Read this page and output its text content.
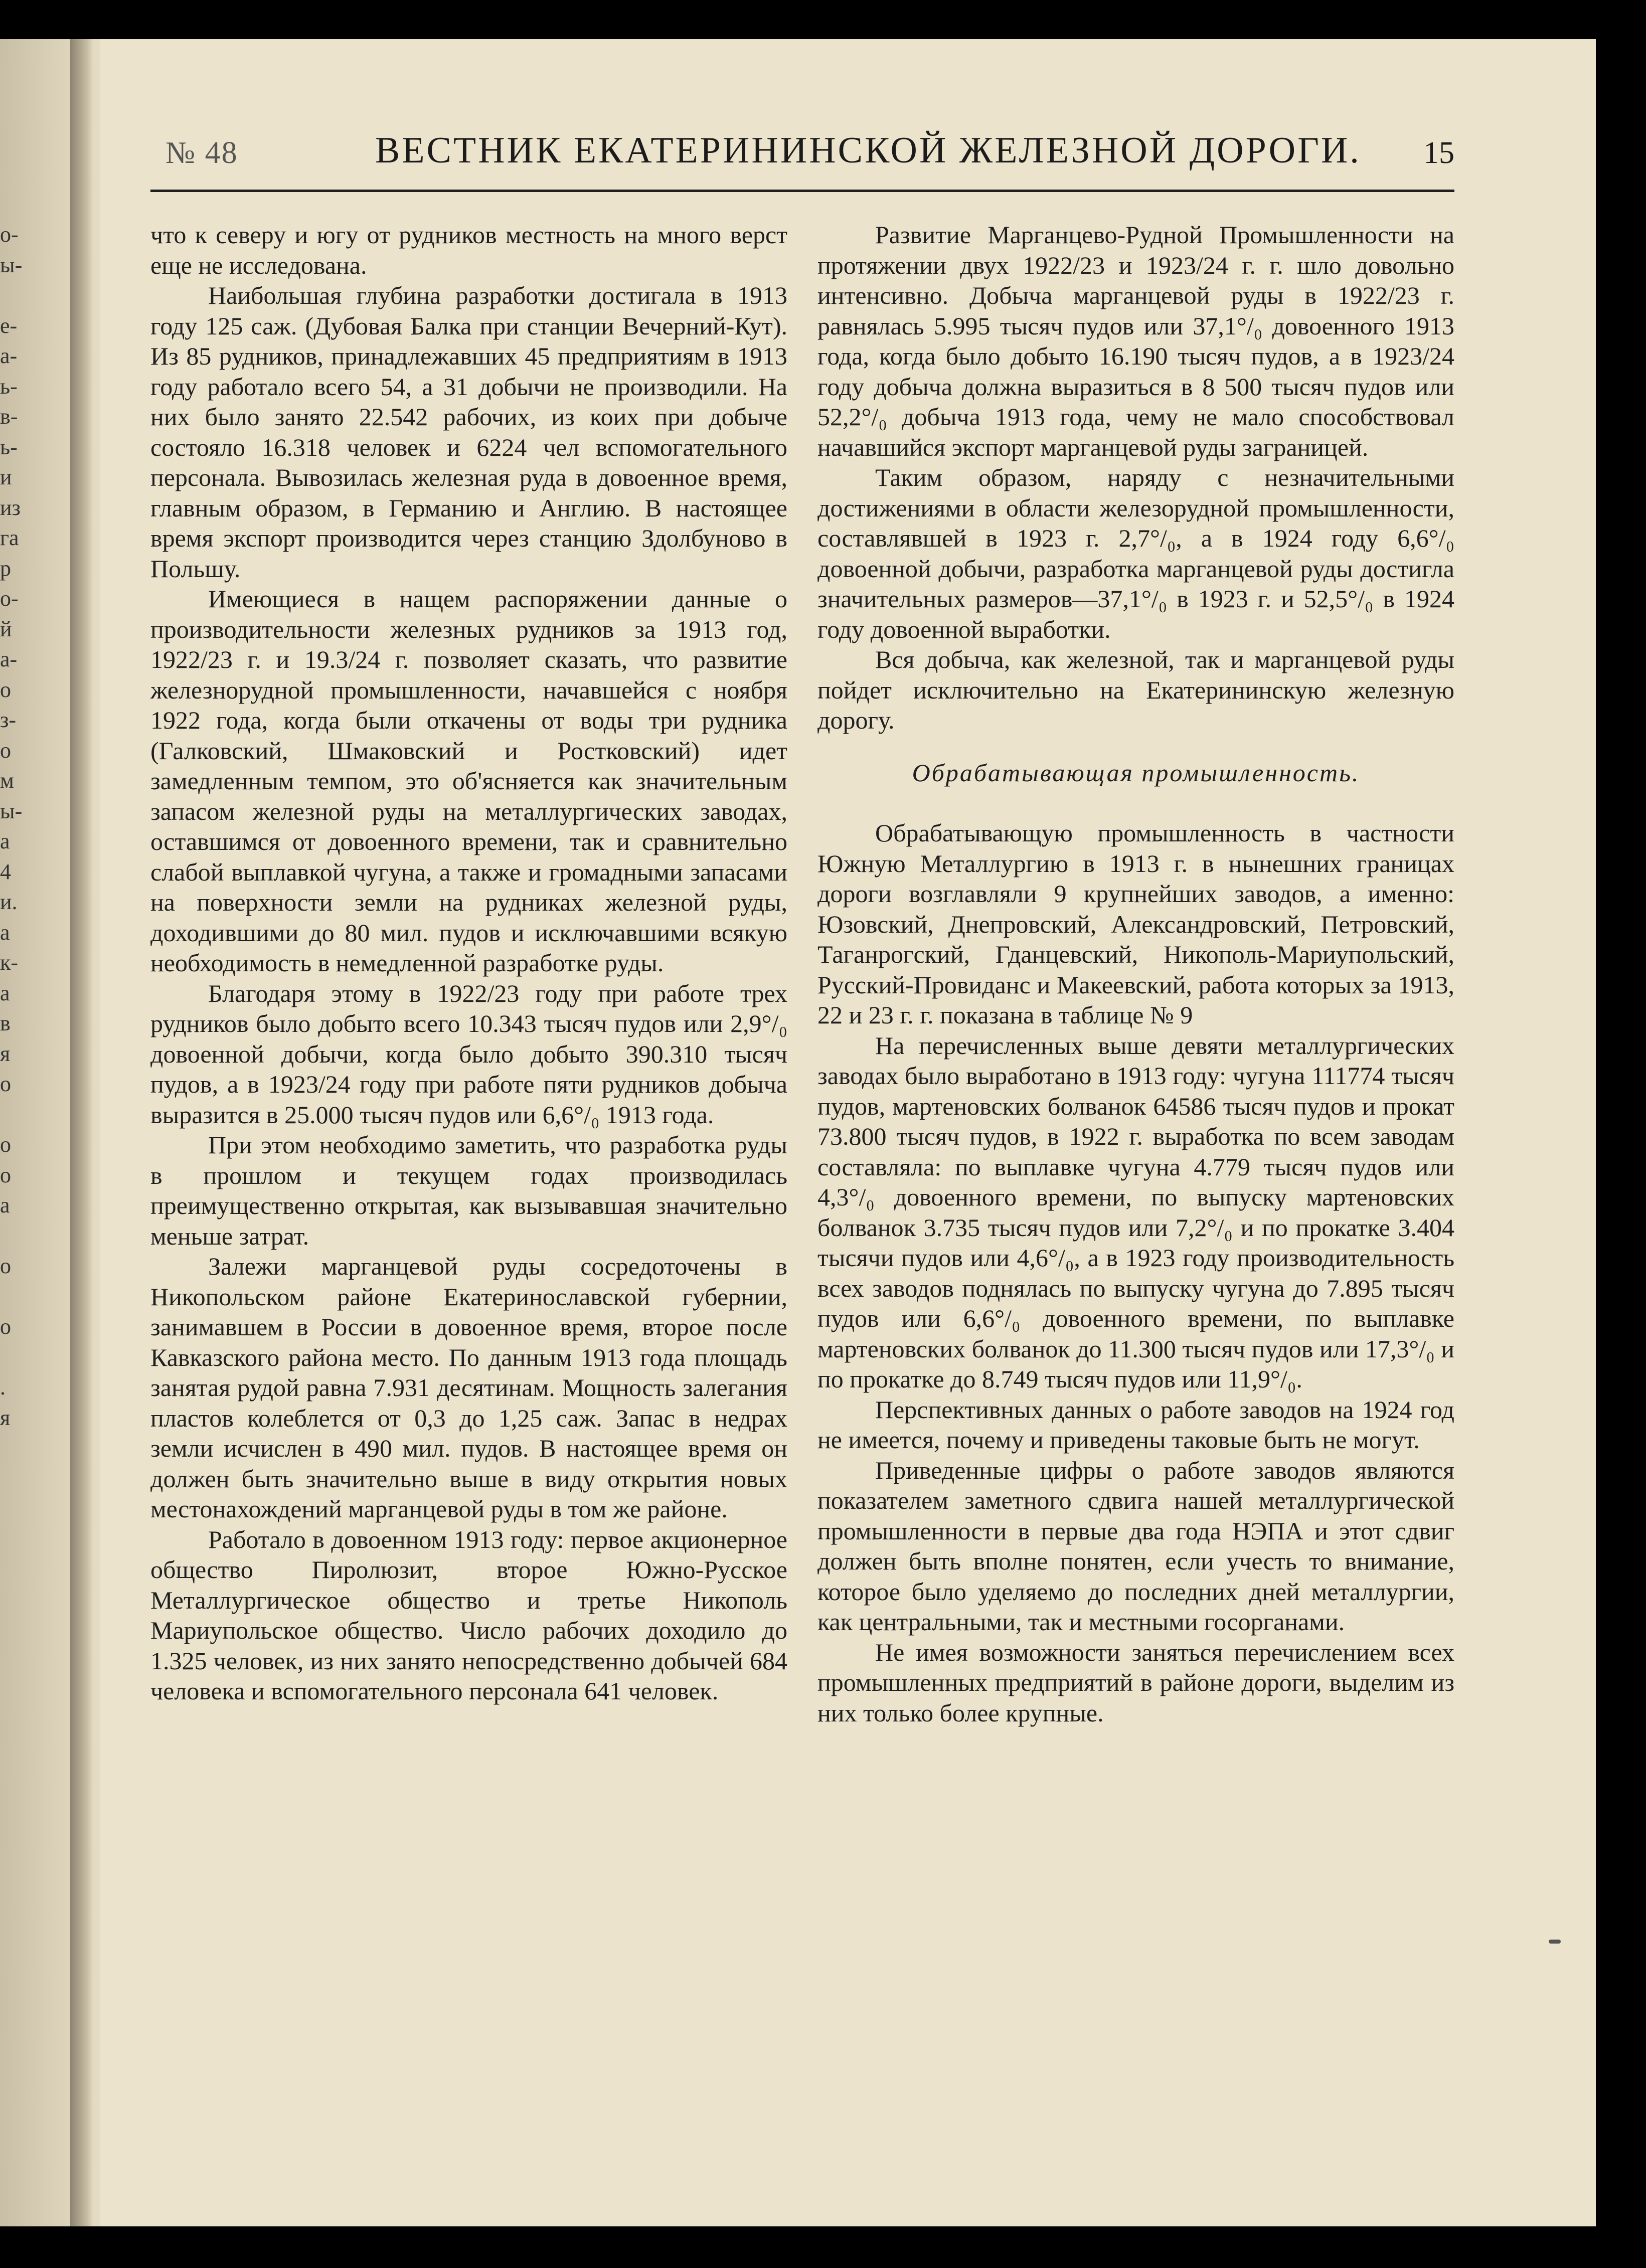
о-
ы-

е-
а-
ь-
в-
ь-
и
из
га
р
о-
й
а-
о
з-
о
м
ы-
а
4
и.
а
к-
а
в
я
о

о
о
а

о

о

.
я
№ 48	ВЕСТНИК ЕКАТЕРИНИНСКОЙ ЖЕЛЕЗНОЙ ДОРОГИ. 15

что к северу и югу от рудников местность на много верст еще не исследована.

Наибольшая глубина разработки достигала в 1913 году 125 саж. (Дубовая Балка при станции Вечерний-Кут). Из 85 рудников, принадлежавших 45 предприятиям в 1913 году работало всего 54, а 31 добычи не производили. На них было занято 22.542 рабочих, из коих при добыче состояло 16.318 человек и 6224 чел вспомогательного персонала. Вывозилась железная руда в довоенное время, главным образом, в Германию и Англию. В настоящее время экспорт производится через станцию Здолбуново в Польшу.

Имеющиеся в нащем распоряжении данные о производительности железных рудников за 1913 год, 1922/23 г. и 19.3/24 г. позволяет сказать, что развитие железнорудной промышленности, начавшейся с ноября 1922 года, когда были откачены от воды три рудника (Галковский, Шмаковский и Ростковский) идет замедленным темпом, это об'ясняется как значительным запасом железной руды на металлургических заводах, оставшимся от довоенного времени, так и сравнительно слабой выплавкой чугуна, а также и громадными запасами на поверхности земли на рудниках железной руды, доходившими до 80 мил. пудов и исключавшими всякую необходимость в немедленной разработке руды.

Благодаря этому в 1922/23 году при работе трех рудников было добыто всего 10.343 тысяч пудов или 2,9°/₀ довоенной добычи, когда было добыто 390.310 тысяч пудов, а в 1923/24 году при работе пяти рудников добыча выразится в 25.000 тысяч пудов или 6,6°/₀ 1913 года.

При этом необходимо заметить, что разработка руды в прошлом и текущем годах производилась преимущественно открытая, как вызывавшая значительно меньше затрат.

Залежи марганцевой руды сосредоточены в Никопольском районе Екатеринославской губернии, занимавшем в России в довоенное время, второе после Кавказского района место. По данным 1913 года площадь занятая рудой равна 7.931 десятинам. Мощность залегания пластов колеблется от 0,3 до 1,25 саж. Запас в недрах земли исчислен в 490 мил. пудов. В настоящее время он должен быть значительно выше в виду открытия новых местонахождений марганцевой руды в том же районе.

Работало в довоенном 1913 году: первое акционерное общество Пиролюзит, второе Южно-Русское Металлургическое общество и третье Никополь Мариупольское общество. Число рабочих доходило до 1.325 человек, из них занято непосредственно добычей 684 человека и вспомогательного персонала 641 человек.

Развитие Марганцево-Рудной Промышленности на протяжении двух 1922/23 и 1923/24 г. г. шло довольно интенсивно. Добыча марганцевой руды в 1922/23 г. равнялась 5.995 тысяч пудов или 37,1°/₀ довоенного 1913 года, когда было добыто 16.190 тысяч пудов, а в 1923/24 году добыча должна выразиться в 8 500 тысяч пудов или 52,2°/₀ добыча 1913 года, чему не мало способствовал начавшийся экспорт марганцевой руды заграницей.

Таким образом, наряду с незначительными достижениями в области железорудной промышленности, составлявшей в 1923 г. 2,7°/₀, а в 1924 году 6,6°/₀ довоенной добычи, разработка марганцевой руды достигла значительных размеров—37,1°/₀ в 1923 г. и 52,5°/₀ в 1924 году довоенной выработки.

Вся добыча, как железной, так и марганцевой руды пойдет исключительно на Екатерининскую железную дорогу.

Обрабатывающая промышленность.

Обрабатывающую промышленность в частности Южную Металлургию в 1913 г. в нынешних границах дороги возглавляли 9 крупнейших заводов, а именно: Юзовский, Днепровский, Александровский, Петровский, Таганрогский, Гданцевский, Никополь-Мариупольский, Русский-Провиданс и Макеевский, работа которых за 1913, 22 и 23 г. г. показана в таблице № 9

На перечисленных выше девяти металлургических заводах было выработано в 1913 году: чугуна 111774 тысяч пудов, мартеновских болванок 64586 тысяч пудов и прокат 73.800 тысяч пудов, в 1922 г. выработка по всем заводам составляла: по выплавке чугуна 4.779 тысяч пудов или 4,3°/₀ довоенного времени, по выпуску мартеновских болванок 3.735 тысяч пудов или 7,2°/₀ и по прокатке 3.404 тысячи пудов или 4,6°/₀, а в 1923 году производительность всех заводов поднялась по выпуску чугуна до 7.895 тысяч пудов или 6,6°/₀ довоенного времени, по выплавке мартеновских болванок до 11.300 тысяч пудов или 17,3°/₀ и по прокатке до 8.749 тысяч пудов или 11,9°/₀.

Перспективных данных о работе заводов на 1924 год не имеется, почему и приведены таковые быть не могут.

Приведенные цифры о работе заводов являются показателем заметного сдвига нашей металлургической промышленности в первые два года НЭПА и этот сдвиг должен быть вполне понятен, если учесть то внимание, которое было уделяемо до последних дней металлургии, как центральными, так и местными госорганами.

Не имея возможности заняться перечислением всех промышленных предприятий в районе дороги, выделим из них только более крупные.
